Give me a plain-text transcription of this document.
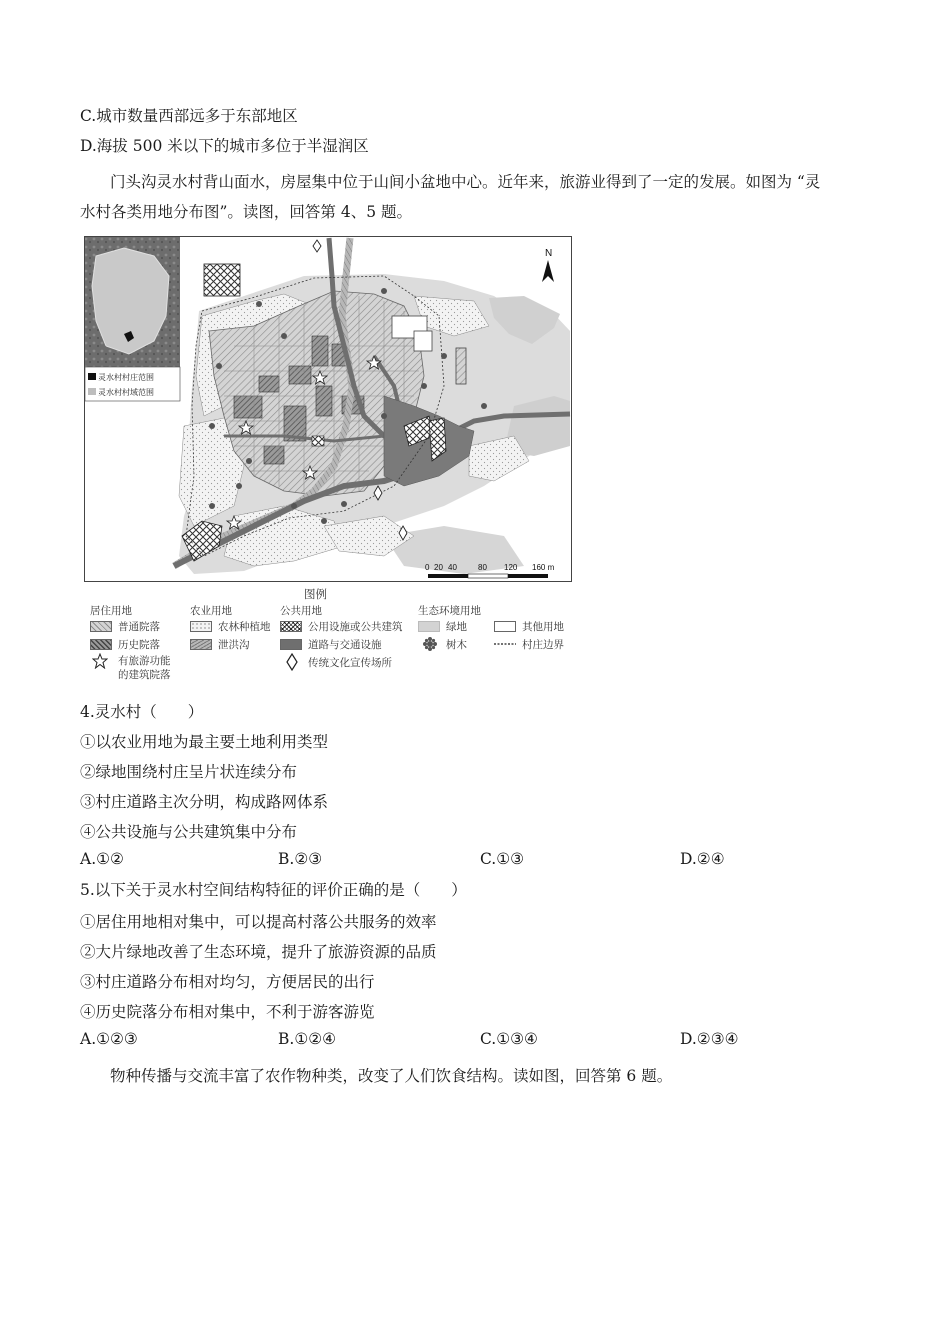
C.城市数量西部远多于东部地区
D.海拔 500 米以下的城市多位于半湿润区
门头沟灵水村背山面水，房屋集中位于山间小盆地中心。近年来，旅游业得到了一定的发展。如图为 “灵
水村各类用地分布图”。读图，回答第 4、5 题。
灵水村村庄范围
灵水村村域范围
N
0 20 40	80 120 160 m
图例
居住用地	农业用地	公共用地	生态环境用地
普通院落	农林种植地	公用设施或公共建筑	绿地	其他用地
历史院落	泄洪沟	道路与交通设施	树木	村庄边界
有旅游功能
的建筑院落
传统文化宣传场所
4.灵水村（　　）
①以农业用地为最主要土地利用类型
②绿地围绕村庄呈片状连续分布
③村庄道路主次分明，构成路网体系
④公共设施与公共建筑集中分布
A.①②	B.②③	C.①③	D.②④
5.以下关于灵水村空间结构特征的评价正确的是（　　）
①居住用地相对集中，可以提高村落公共服务的效率
②大片绿地改善了生态环境，提升了旅游资源的品质
③村庄道路分布相对均匀，方便居民的出行
④历史院落分布相对集中，不利于游客游览
A.①②③	B.①②④	C.①③④	D.②③④
物种传播与交流丰富了农作物种类，改变了人们饮食结构。读如图，回答第 6 题。
